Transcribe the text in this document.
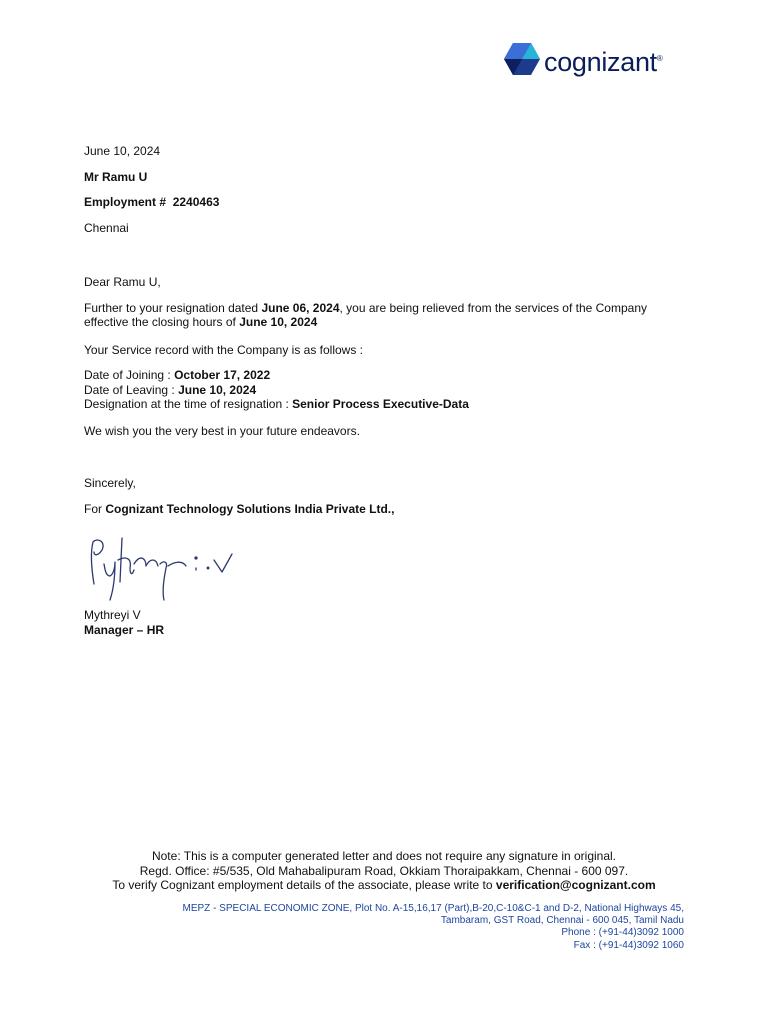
cognizant®

June 10, 2024

Mr Ramu U

Employment # 2240463

Chennai

Dear Ramu U,

Further to your resignation dated June 06, 2024, you are being relieved from the services of the Company

effective the closing hours of June 10, 2024

Your Service record with the Company is as follows :

Date of Joining : October 17, 2022

Date of Leaving : June 10, 2024

Designation at the time of resignation : Senior Process Executive-Data

We wish you the very best in your future endeavors.

Sincerely,

For Cognizant Technology Solutions India Private Ltd.,

Mythreyi V

Manager – HR

Note: This is a computer generated letter and does not require any signature in original.

Regd. Office: #5/535, Old Mahabalipuram Road, Okkiam Thoraipakkam, Chennai - 600 097.

To verify Cognizant employment details of the associate, please write to verification@cognizant.com

MEPZ - SPECIAL ECONOMIC ZONE, Plot No. A-15,16,17 (Part),B-20,C-10&C-1 and D-2, National Highways 45,

Tambaram, GST Road, Chennai - 600 045, Tamil Nadu

Phone : (+91-44)3092 1000

Fax : (+91-44)3092 1060
